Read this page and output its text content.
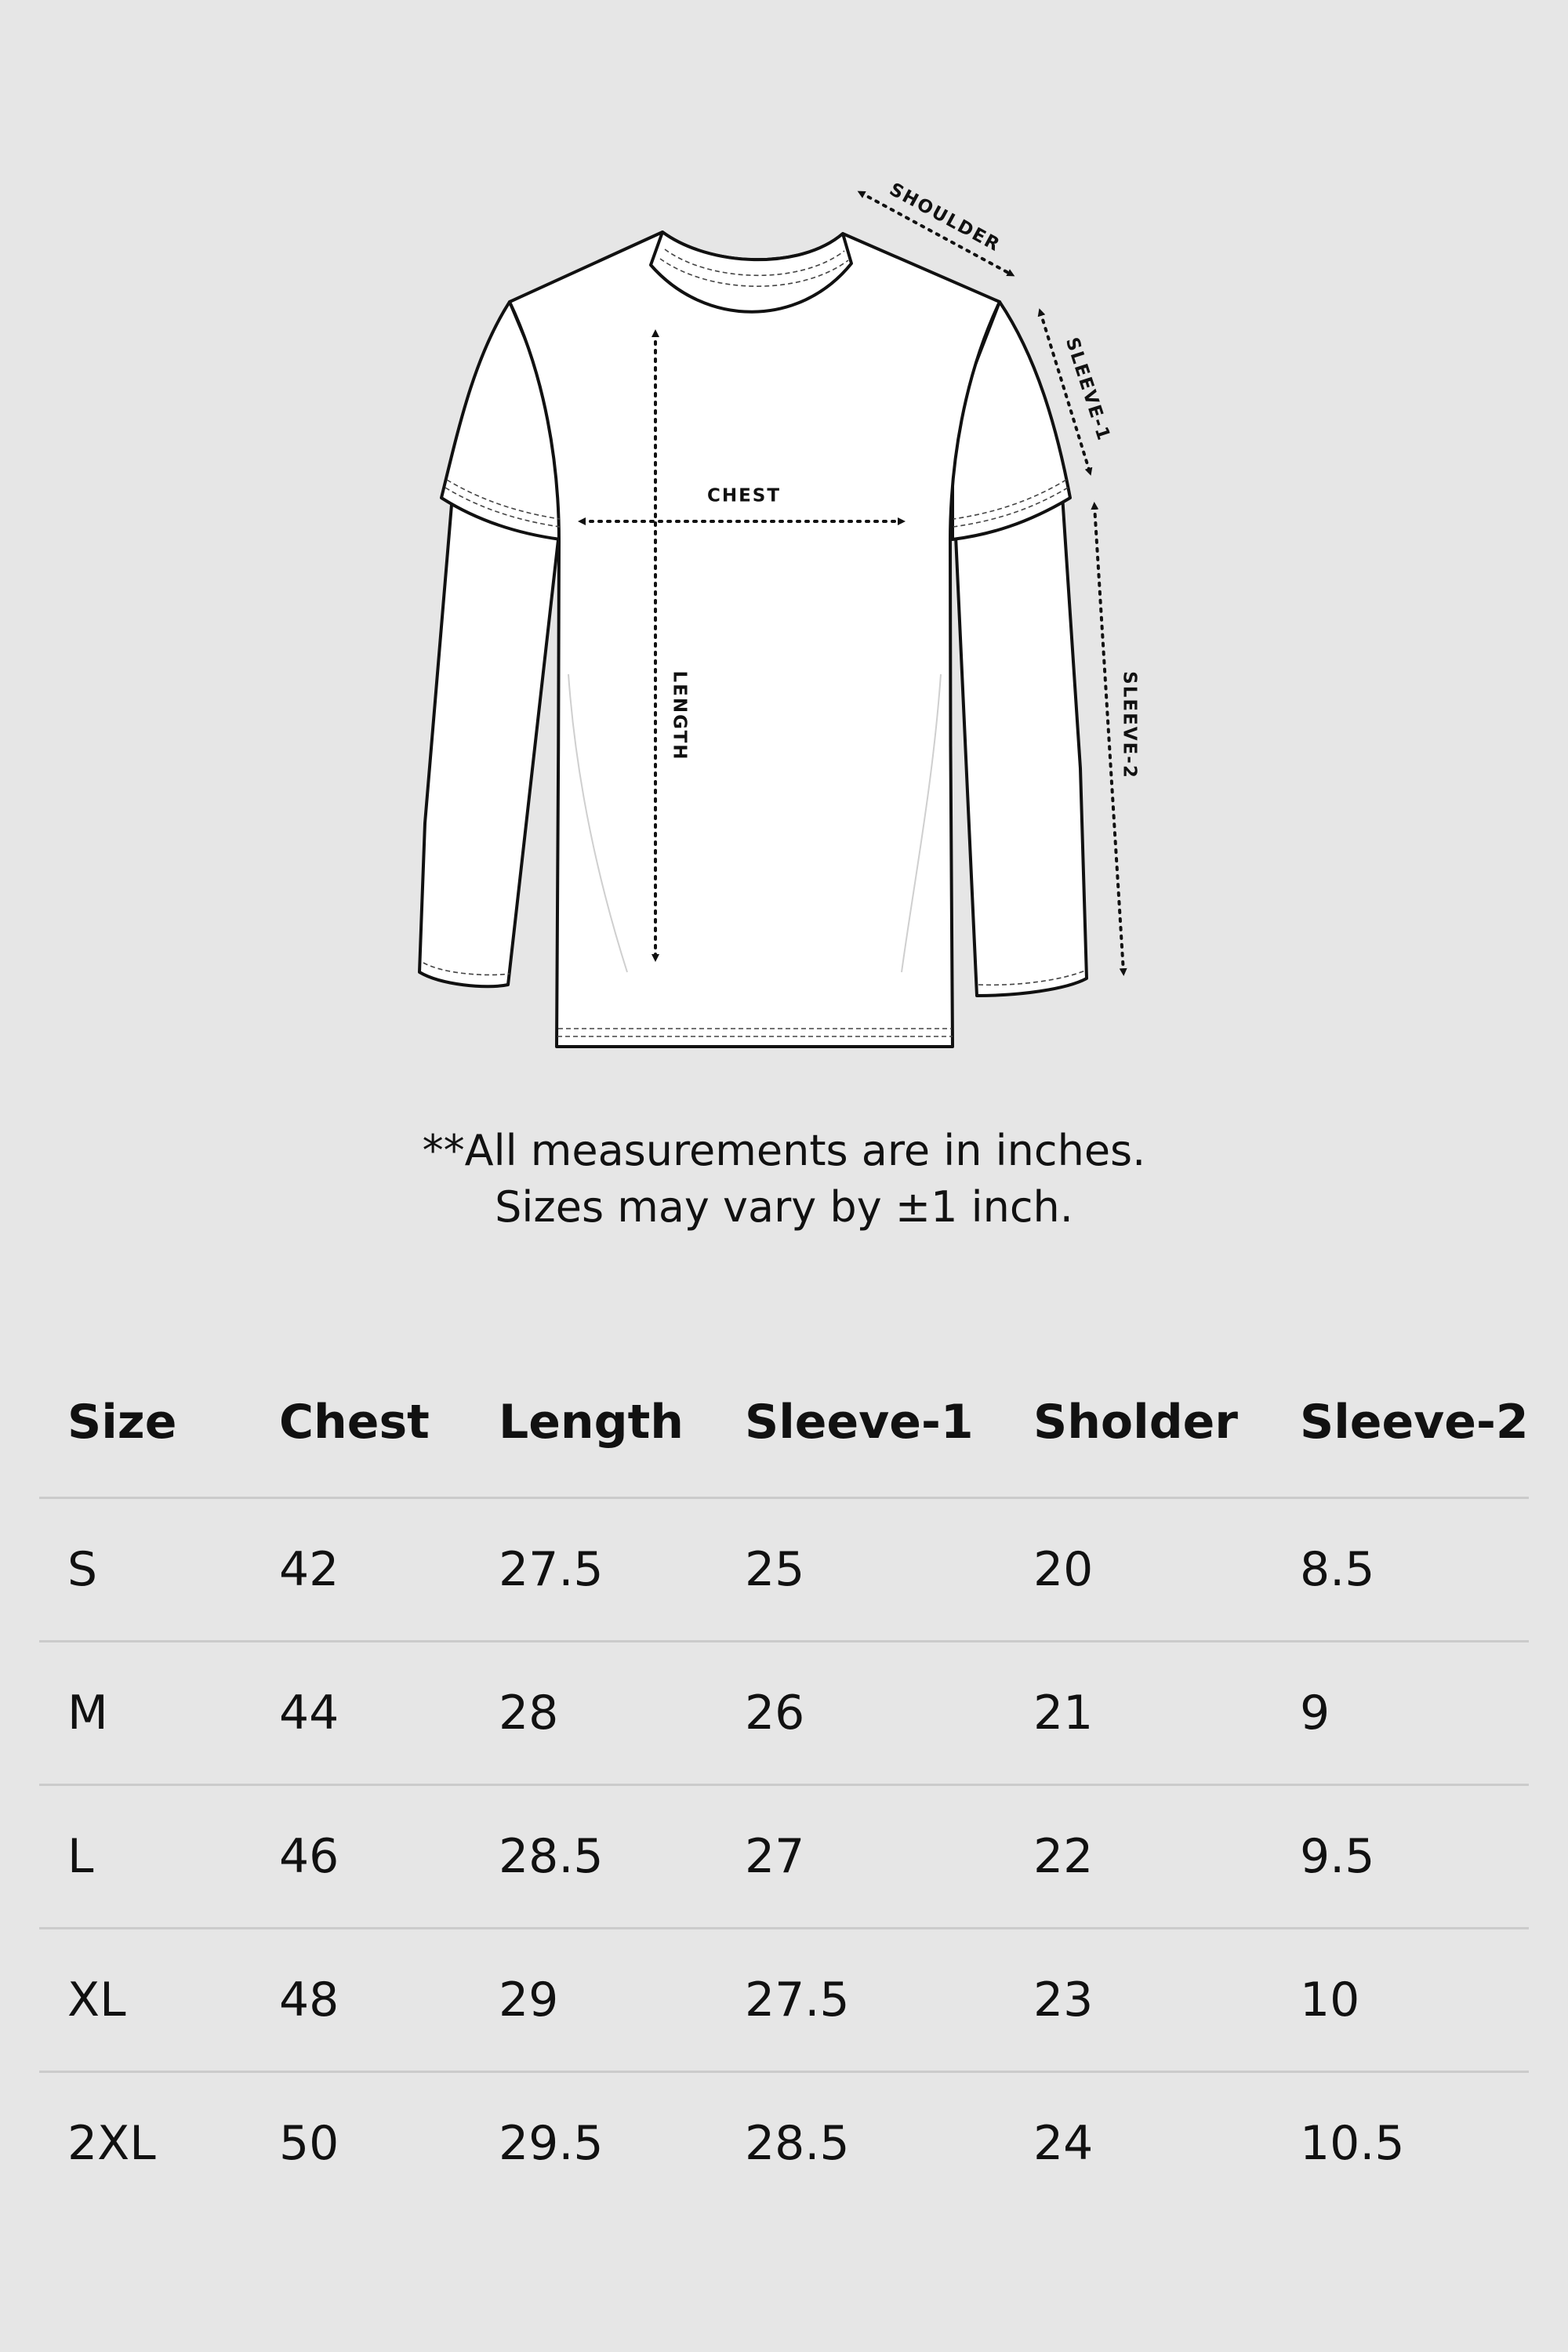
SHOULDER
SLEEVE-1
CHEST
LENGTH	SLEEVE-2
**All measurements are in inches.
Sizes may vary by ±1 inch.
Size	Chest	Length	Sleeve-1	Sholder	Sleeve-2
S	42	27.5	25	20	8.5
M	44	28	26	21	9
L	46	28.5	27	22	9.5
XL	48	29	27.5	23	10
2XL	50	29.5	28.5	24	10.5
